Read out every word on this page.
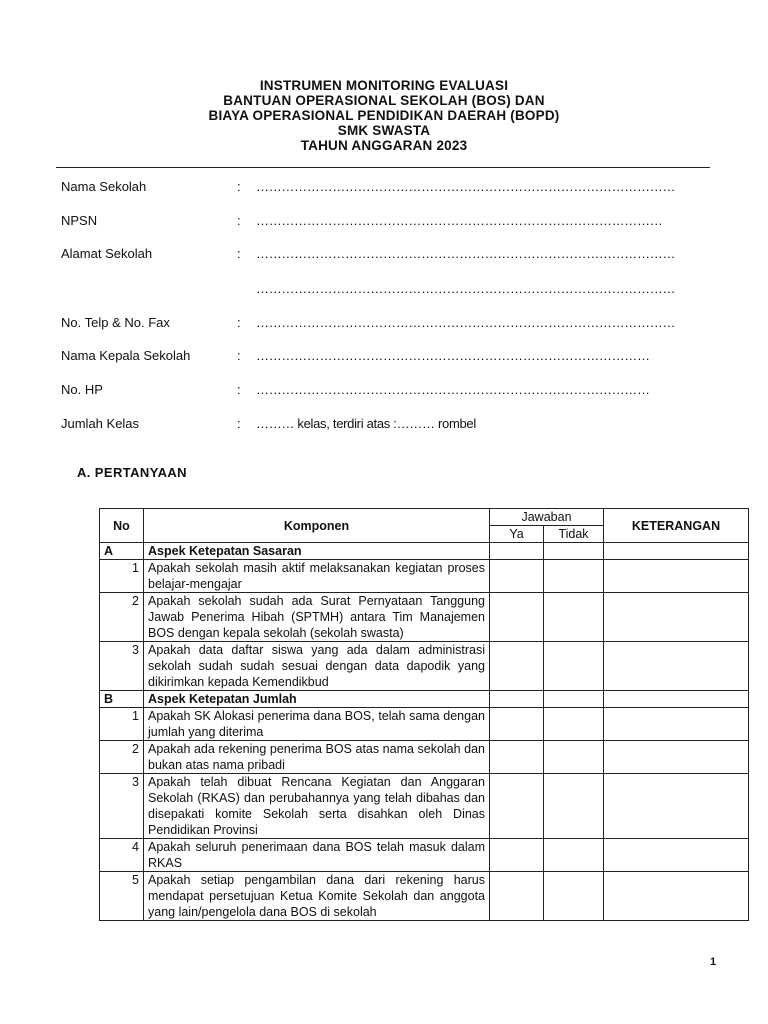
INSTRUMEN MONITORING EVALUASI
BANTUAN OPERASIONAL SEKOLAH (BOS) DAN
BIAYA OPERASIONAL PENDIDIKAN DAERAH (BOPD)
SMK SWASTA
TAHUN ANGGARAN 2023
Nama Sekolah	: ………………………………………………………………………………………
NPSN	: ……………………………………………………………………………………
Alamat Sekolah	: ………………………………………………………………………………………
………………………………………………………………………………………
No. Telp & No. Fax	: ………………………………………………………………………………………
Nama Kepala Sekolah	: …………………………………………………………………………………
No. HP	: …………………………………………………………………………………
Jumlah Kelas	: ……… kelas, terdiri atas :……… rombel
A. PERTANYAAN
No	Komponen	Jawaban		KETERANGAN
		Ya	Tidak	
A	Aspek Ketepatan Sasaran			
1	Apakah sekolah masih aktif melaksanakan kegiatan proses belajar-mengajar			
2	Apakah sekolah sudah ada Surat Pernyataan Tanggung Jawab Penerima Hibah (SPTMH) antara Tim Manajemen BOS dengan kepala sekolah (sekolah swasta)			
3	Apakah data daftar siswa yang ada dalam administrasi sekolah sudah sudah sesuai dengan data dapodik yang dikirimkan kepada Kemendikbud			
B	Aspek Ketepatan Jumlah			
1	Apakah SK Alokasi penerima dana BOS, telah sama dengan jumlah yang diterima			
2	Apakah ada rekening penerima BOS atas nama sekolah dan bukan atas nama pribadi			
3	Apakah telah dibuat Rencana Kegiatan dan Anggaran Sekolah (RKAS) dan perubahannya yang telah dibahas dan disepakati komite Sekolah serta disahkan oleh Dinas Pendidikan Provinsi			
4	Apakah seluruh penerimaan dana BOS telah masuk dalam RKAS			
5	Apakah setiap pengambilan dana dari rekening harus mendapat persetujuan Ketua Komite Sekolah dan anggota yang lain/pengelola dana BOS di sekolah			
1
